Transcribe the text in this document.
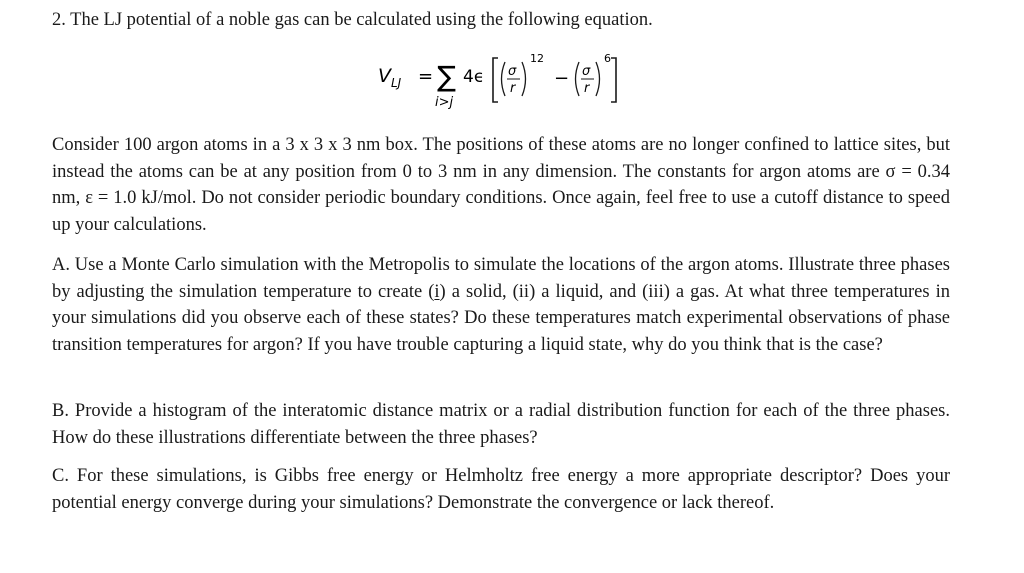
2. The LJ potential of a noble gas can be calculated using the following equation.
V LJ = ∑
i>j
4ϵ σ
r
12
− σ
r
6

Consider 100 argon atoms in a 3 x 3 x 3 nm box. The positions of these atoms are no longer confined to lattice sites, but instead the atoms can be at any position from 0 to 3 nm in any dimension. The constants for argon atoms are σ = 0.34 nm, ε = 1.0 kJ/mol. Do not consider periodic boundary conditions. Once again, feel free to use a cutoff distance to speed up your calculations.

A. Use a Monte Carlo simulation with the Metropolis to simulate the locations of the argon atoms. Illustrate three phases by adjusting the simulation temperature to create (i) a solid, (ii) a liquid, and (iii) a gas. At what three temperatures in your simulations did you observe each of these states? Do these temperatures match experimental observations of phase transition temperatures for argon? If you have trouble capturing a liquid state, why do you think that is the case?

B. Provide a histogram of the interatomic distance matrix or a radial distribution function for each of the three phases. How do these illustrations differentiate between the three phases?

C. For these simulations, is Gibbs free energy or Helmholtz free energy a more appropriate descriptor? Does your potential energy converge during your simulations? Demonstrate the convergence or lack thereof.
